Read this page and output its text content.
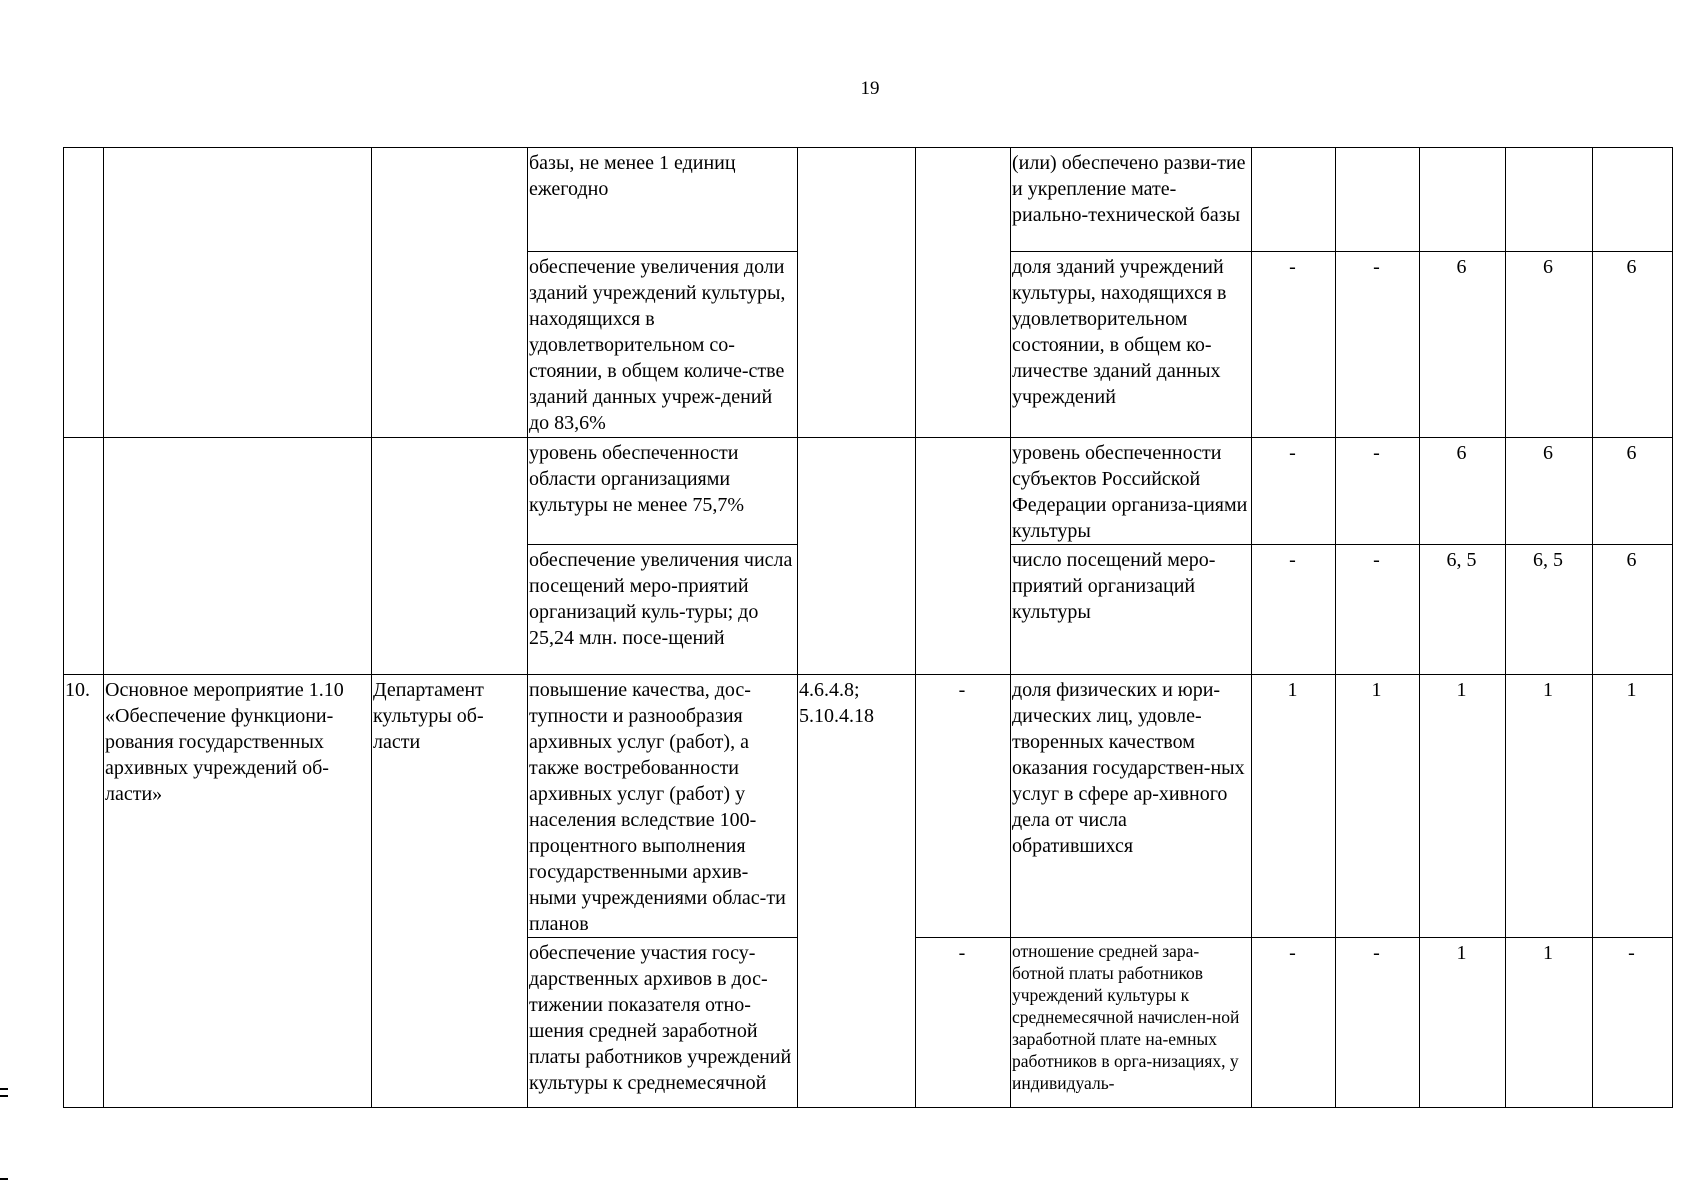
19
			базы, не менее 1 единиц ежегодно			(или) обеспечено разви-тие и укрепление мате-риально-технической базы					
			обеспечение увеличения доли зданий учреждений культуры, находящихся в удовлетворительном со-стоянии, в общем количе-стве зданий данных учреж-дений до 83,6%			доля зданий учреждений культуры, находящихся в удовлетворительном состоянии, в общем ко-личестве зданий данных учреждений	-	-	6	6	6
			уровень обеспеченности области организациями культуры не менее 75,7%			уровень обеспеченности субъектов Российской Федерации организа-циями культуры	-	-	6	6	6
			обеспечение увеличения числа посещений меро-приятий организаций куль-туры; до 25,24 млн. посе-щений			число посещений меро-приятий организаций культуры	-	-	6, 5	6, 5	6
10.	Основное мероприятие 1.10 «Обеспечение функциони-рования государственных архивных учреждений об-ласти»	Департамент культуры об-ласти	повышение качества, дос-тупности и разнообразия архивных услуг (работ), а также востребованности архивных услуг (работ) у населения вследствие 100-процентного выполнения государственными архив-ными учреждениями облас-ти планов	4.6.4.8; 5.10.4.18	-	доля физических и юри-дических лиц, удовле-творенных качеством оказания государствен-ных услуг в сфере ар-хивного дела от числа обратившихся	1	1	1	1	1
			обеспечение участия госу-дарственных архивов в дос-тижении показателя отно-шения средней заработной платы работников учреждений культуры к среднемесячной		-	отношение средней зара-ботной платы работников учреждений культуры к среднемесячной начислен-ной заработной плате на-емных работников в орга-низациях, у индивидуаль-	-	-	1	1	-
